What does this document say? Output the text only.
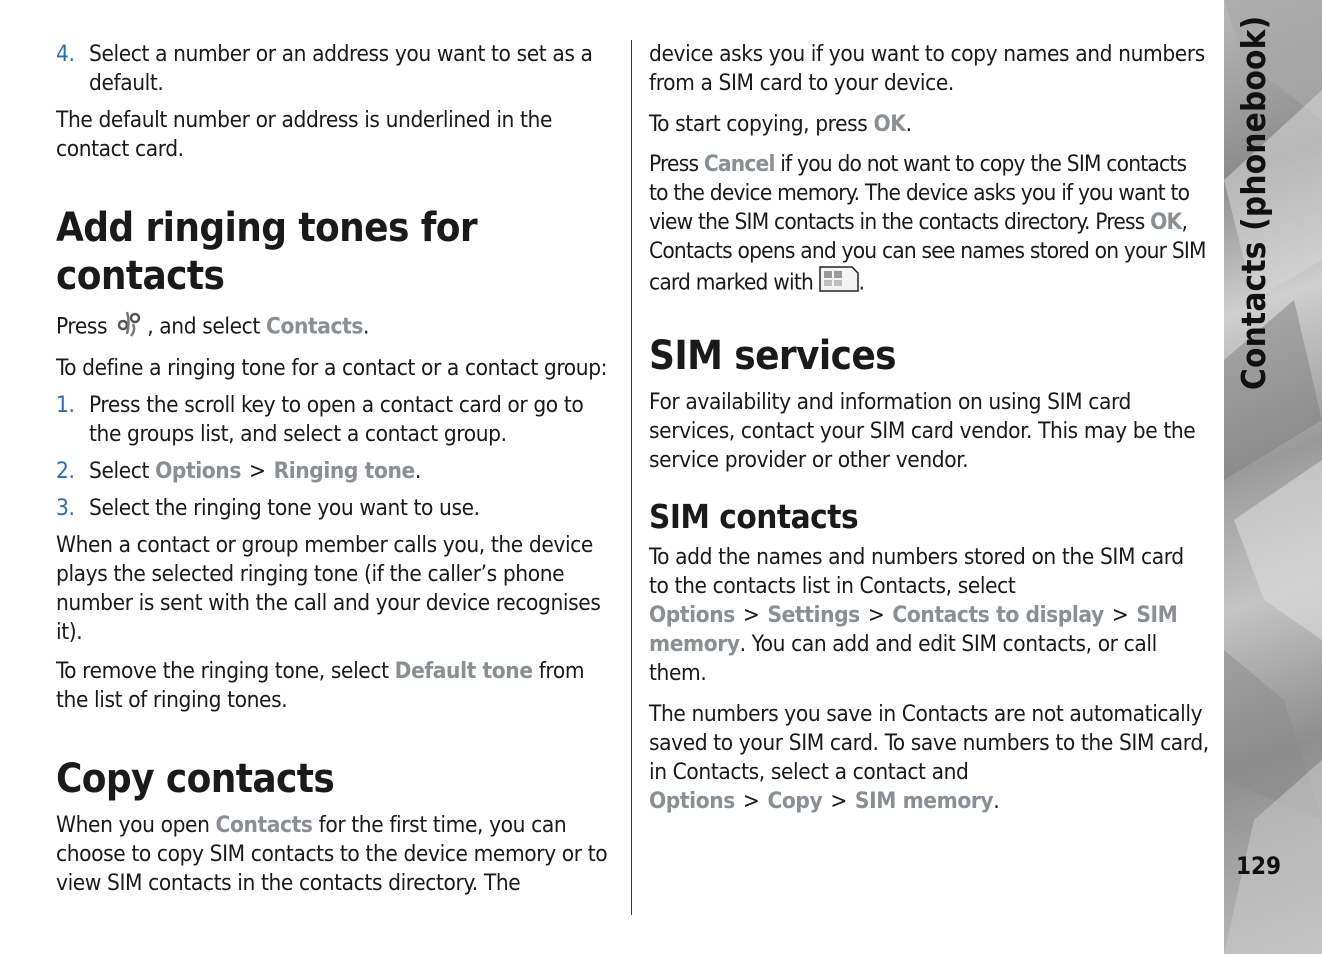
Contacts (phonebook)
129
4. Select a number or an address you want to set as a default.

The default number or address is underlined in the contact card.

Add ringing tones for contacts

Press , and select Contacts.

To define a ringing tone for a contact or a contact group:

1. Press the scroll key to open a contact card or go to the groups list, and select a contact group.
2. Select Options > Ringing tone.
3. Select the ringing tone you want to use.

When a contact or group member calls you, the device plays the selected ringing tone (if the caller’s phone number is sent with the call and your device recognises it).

To remove the ringing tone, select Default tone from the list of ringing tones.

Copy contacts

When you open Contacts for the first time, you can choose to copy SIM contacts to the device memory or to view SIM contacts in the contacts directory. The

device asks you if you want to copy names and numbers from a SIM card to your device.

To start copying, press OK.

Press Cancel if you do not want to copy the SIM contacts to the device memory. The device asks you if you want to view the SIM contacts in the contacts directory. Press OK, Contacts opens and you can see names stored on your SIM card marked with .

SIM services

For availability and information on using SIM card services, contact your SIM card vendor. This may be the service provider or other vendor.

SIM contacts

To add the names and numbers stored on the SIM card to the contacts list in Contacts, select Options > Settings > Contacts to display > SIM memory. You can add and edit SIM contacts, or call them.

The numbers you save in Contacts are not automatically saved to your SIM card. To save numbers to the SIM card, in Contacts, select a contact and Options > Copy > SIM memory.
